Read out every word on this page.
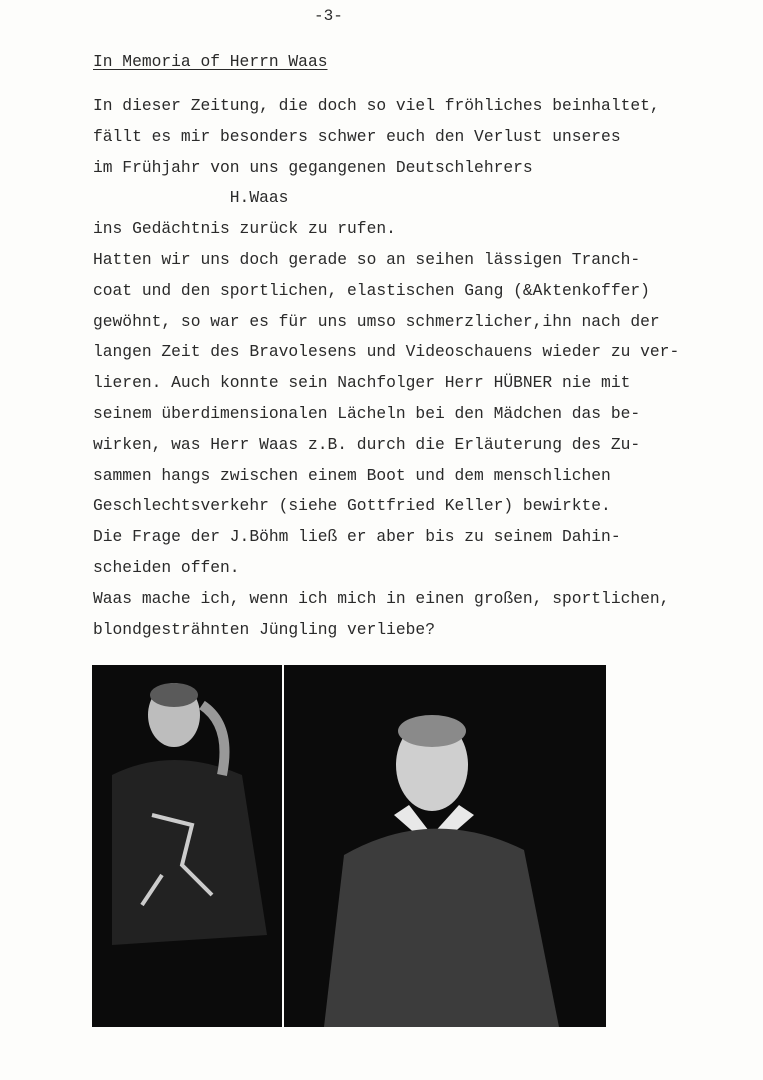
-3-
In Memoria of Herrn Waas
In dieser Zeitung, die doch so viel fröhliches beinhaltet,
fällt es mir besonders schwer euch den Verlust unseres
im Frühjahr von uns gegangenen Deutschlehrers
H.Waas
ins Gedächtnis zurück zu rufen.
Hatten wir uns doch gerade so an seihen lässigen Tranch-
coat und den sportlichen, elastischen Gang (&Aktenkoffer)
gewöhnt, so war es für uns umso schmerzlicher,ihn nach der
langen Zeit des Bravolesens und Videoschauens wieder zu ver-
lieren. Auch konnte sein Nachfolger Herr HÜBNER nie mit
seinem überdimensionalen Lächeln bei den Mädchen das be-
wirken, was Herr Waas z.B. durch die Erläuterung des Zu-
sammen hangs zwischen einem Boot und dem menschlichen
Geschlechtsverkehr (siehe Gottfried Keller) bewirkte.
Die Frage der J.Böhm ließ er aber bis zu seinem Dahin-
scheiden offen.
Waas mache ich, wenn ich mich in einen großen, sportlichen,
blondgesträhnten Jüngling verliebe?
